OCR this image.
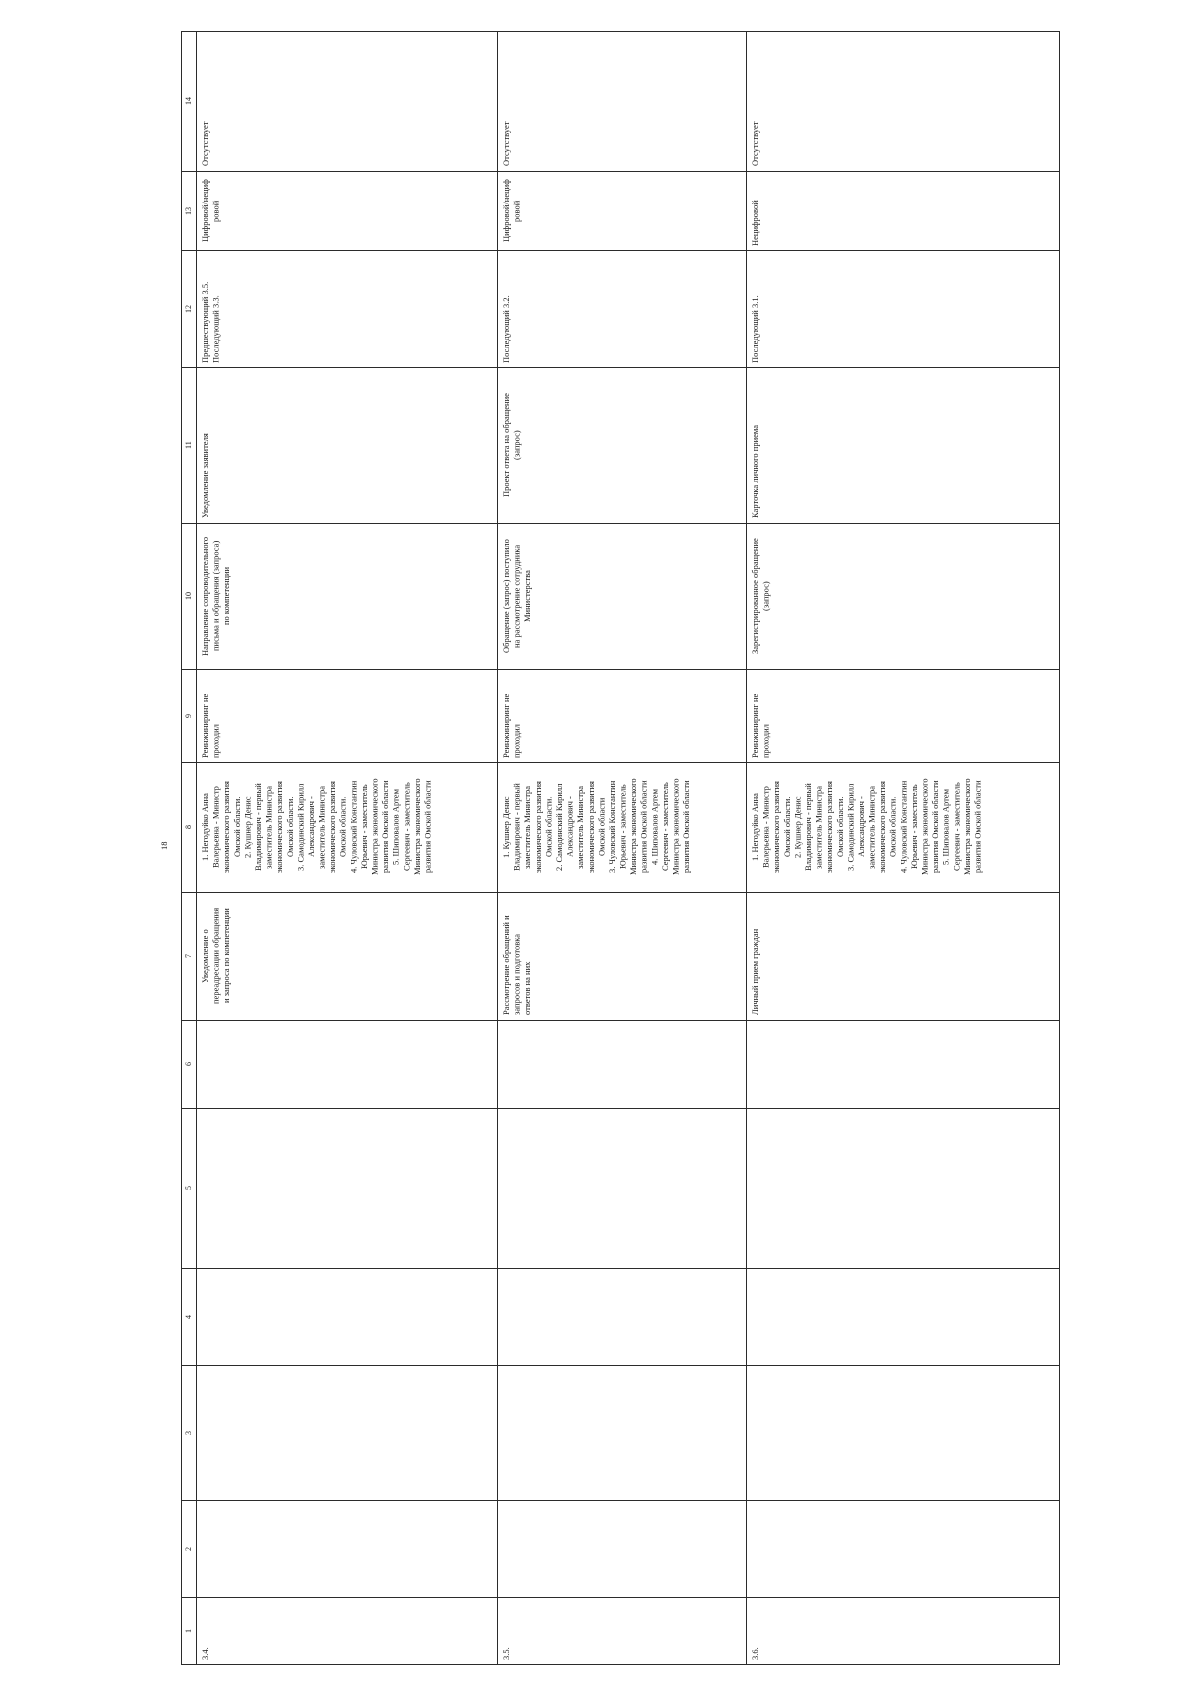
18
14
13
12
11
10
9
8
7
6
5
4
3
2
1
Отсутствует
Цифровой/нециф
ровой
Предшествующий 3.5.
Последующий 3.3.
Уведомление заявителя
Направление сопроводительного
письма и обращения (запроса)
по компетенции
Реинжиниринг не
проходил
1. Негодуйко Анна
Валерьевна - Министр
экономического развития
Омской области.
2. Кушнер Денис
Владимирович - первый
заместитель Министра
экономического развития
Омской области.
3. Самодинский Кирилл
Александрович -
заместитель Министра
экономического развития
Омской области.
4. Чуловский Константин
Юрьевич - заместитель
Министра экономического
развития Омской области
5. Шиповалов Артем
Сергеевич - заместитель
Министра экономического
развития Омской области
Уведомление о
переадресации обращения
и запроса по компетенции
3.4.
Отсутствует
Цифровой/нециф
ровой
Последующий 3.2.
Проект ответа на обращение
(запрос)
Обращение (запрос) поступило
на рассмотрение сотрудника
Министерства
Реинжиниринг не
проходил
1. Кушнер Денис
Владимирович - первый
заместитель Министра
экономического развития
Омской области.
2. Самодинский Кирилл
Александрович -
заместитель Министра
экономического развития
Омской области
3. Чуловский Константин
Юрьевич - заместитель
Министра экономического
развития Омской области
4. Шиповалов Артем
Сергеевич - заместитель
Министра экономического
развития Омской области
Рассмотрение обращений и
запросов и подготовка
ответов на них
3.5.
Отсутствует
Нецифровой
Последующий 3.1.
Карточка личного приема
Зарегистрированное обращение
(запрос)
Реинжиниринг не
проходил
1. Негодуйко Анна
Валерьевна - Министр
экономического развития
Омской области.
2. Кушнер Денис
Владимирович - первый
заместитель Министра
экономического развития
Омской области.
3. Самодинский Кирилл
Александрович -
заместитель Министра
экономического развития
Омской области.
4. Чуловский Константин
Юрьевич - заместитель
Министра экономического
развития Омской области
5. Шиповалов Артем
Сергеевич - заместитель
Министра экономического
развития Омской области
Личный прием граждан
3.6.
